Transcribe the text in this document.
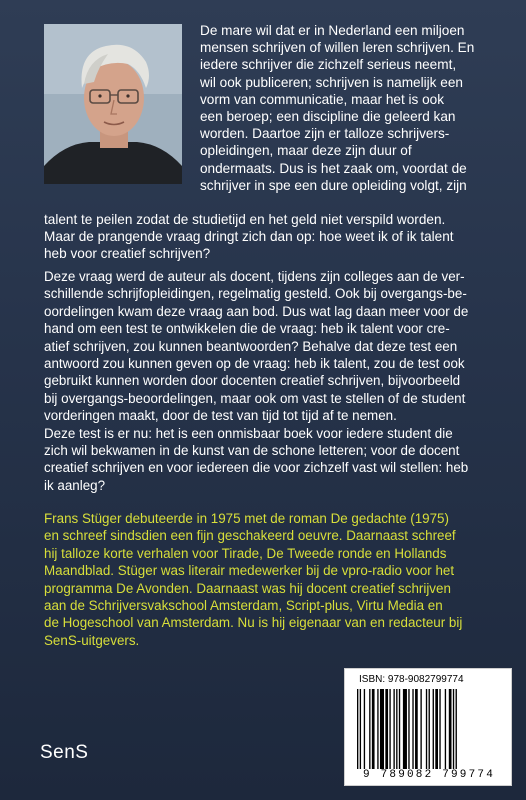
De mare wil dat er in Nederland een miljoen
mensen schrijven of willen leren schrijven. En
iedere schrijver die zichzelf serieus neemt,
wil ook publiceren; schrijven is namelijk een
vorm van communicatie, maar het is ook
een beroep; een discipline die geleerd kan
worden. Daartoe zijn er talloze schrijvers-
opleidingen, maar deze zijn duur of
ondermaats. Dus is het zaak om, voordat de
schrijver in spe een dure opleiding volgt, zijn
talent te peilen zodat de studietijd en het geld niet verspild worden.
Maar de prangende vraag dringt zich dan op: hoe weet ik of ik talent
heb voor creatief schrijven?
Deze vraag werd de auteur als docent, tijdens zijn colleges aan de ver-
schillende schrijfopleidingen, regelmatig gesteld. Ook bij overgangs-be-
oordelingen kwam deze vraag aan bod. Dus wat lag daan meer voor de
hand om een test te ontwikkelen die de vraag: heb ik talent voor cre-
atief schrijven, zou kunnen beantwoorden? Behalve dat deze test een
antwoord zou kunnen geven op de vraag: heb ik talent, zou de test ook
gebruikt kunnen worden door docenten creatief schrijven, bijvoorbeeld
bij overgangs-beoordelingen, maar ook om vast te stellen of de student
vorderingen maakt, door de test van tijd tot tijd af te nemen.
Deze test is er nu: het is een onmisbaar boek voor iedere student die
zich wil bekwamen in de kunst van de schone letteren; voor de docent
creatief schrijven en voor iedereen die voor zichzelf vast wil stellen: heb
ik aanleg?
Frans Stüger debuteerde in 1975 met de roman De gedachte (1975)
en schreef sindsdien een fijn geschakeerd oeuvre. Daarnaast schreef
hij talloze korte verhalen voor Tirade, De Tweede ronde en Hollands
Maandblad. Stüger was literair medewerker bij de vpro-radio voor het
programma De Avonden. Daarnaast was hij docent creatief schrijven
aan de Schrijversvakschool Amsterdam, Script-plus, Virtu Media en
de Hogeschool van Amsterdam. Nu is hij eigenaar van en redacteur bij
SenS-uitgevers.
SenS
ISBN: 978-9082799774
9 789082 799774
